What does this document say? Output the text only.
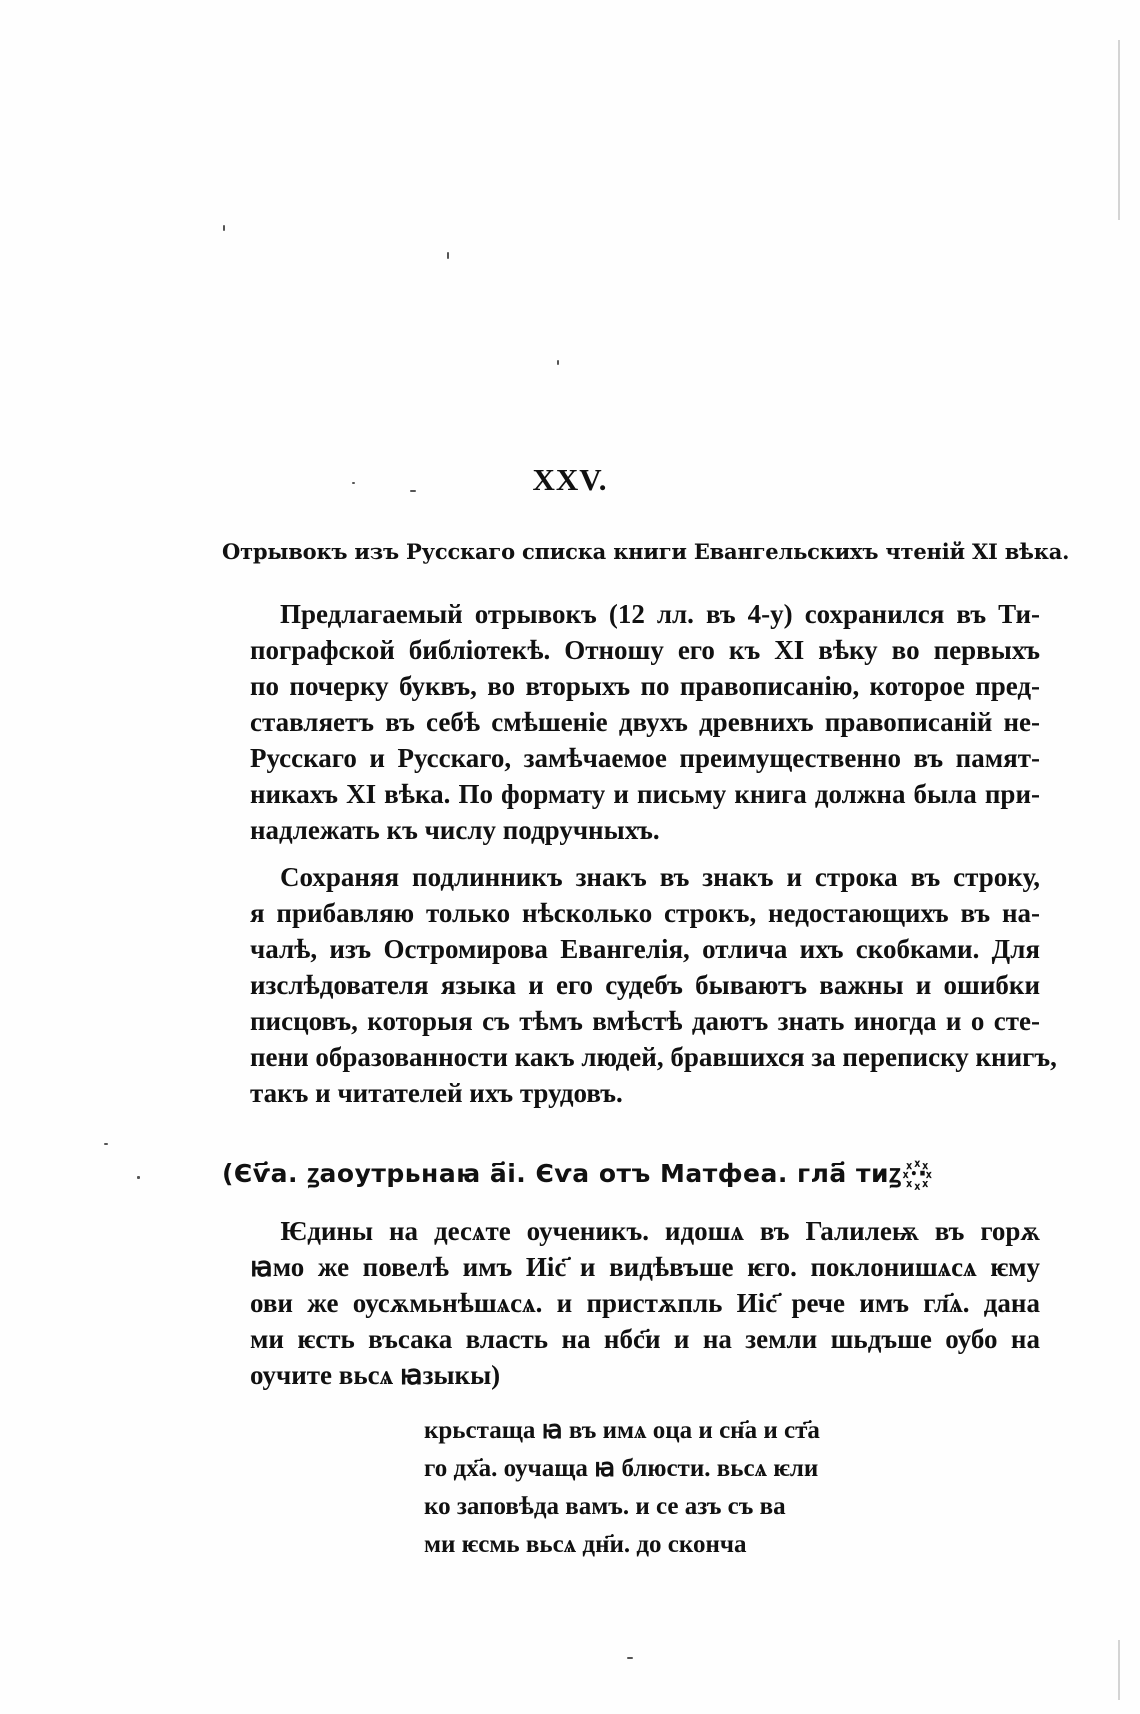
XXV.
Отрывокъ изъ Русскаго списка книги Евангельскихъ чтеній XI вѣка.
Предлагаемый отрывокъ (12 лл. въ 4-у) сохранился въ Ти-
пографской библіотекѣ. Отношу его къ XI вѣку во первыхъ
по почерку буквъ, во вторыхъ по правописанію, которое пред-
ставляетъ въ себѣ смѣшеніе двухъ древнихъ правописаній не-
Русскаго и Русскаго, замѣчаемое преимущественно въ памят-
никахъ XI вѣка. По формату и письму книга должна была при-
надлежать къ числу подручныхъ.
Сохраняя подлинникъ знакъ въ знакъ и строка въ строку,
я прибавляю только нѣсколько строкъ, недостающихъ въ на-
чалѣ, изъ Остромирова Евангелія, отлича ихъ скобками. Для
изслѣдователя языка и его судебъ бываютъ важны и ошибки
писцовъ, которыя съ тѣмъ вмѣстѣ даютъ знать иногда и о сте-
пени образованности какъ людей, бравшихся за переписку книгъ,
такъ и читателей ихъ трудовъ.
(Єѵ҃а. ꙁаоутрьнаꙗ а҃і. Єѵа отъ Матфеа. гла҃ тиꙁ ·꙰·
Ѥдины на десѧте оученикъ. идошѧ въ Галилеѭ въ горѫ
ꙗмо же повелѣ имъ Иіс҃ и видѣвъше ѥго. поклонишѧсѧ ѥму
ови же оусѫмьнѣшѧсѧ. и пристѫпль Иіс҃ рече имъ гл҃ѧ. дана
ми ѥсть въсака власть на нбс҃и и на земли шьдъше оубо на
оучите вьсѧ ꙗзыкы)
крьстаща ꙗ въ имѧ оца и сн҃а и ст҃а
го дх҃а. оучаща ꙗ блюсти. вьсѧ ѥли
ко заповѣда вамъ. и се азъ съ ва
ми ѥсмь вьсѧ дн҃и. до скончa
